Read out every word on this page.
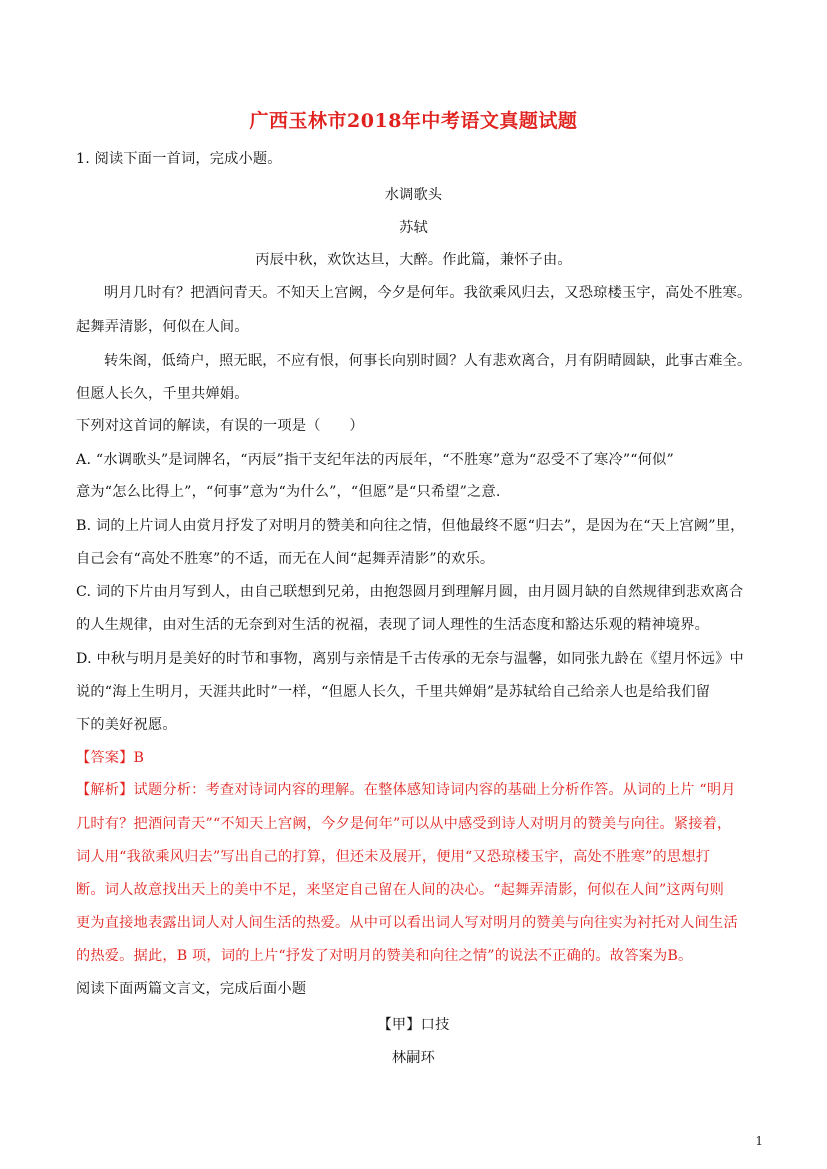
广西玉林市2018年中考语文真题试题
1. 阅读下面一首词，完成小题。
水调歌头
苏轼
丙辰中秋，欢饮达旦，大醉。作此篇，兼怀子由。
明月几时有？把酒问青天。不知天上宫阙，今夕是何年。我欲乘风归去，又恐琼楼玉宇，高处不胜寒。
起舞弄清影，何似在人间。
转朱阁，低绮户，照无眠，不应有恨，何事长向别时圆？人有悲欢离合，月有阴晴圆缺，此事古难全。
但愿人长久，千里共婵娟。
下列对这首词的解读，有误的一项是（　　）
A. “水调歌头”是词牌名，“丙辰”指干支纪年法的丙辰年，“不胜寒”意为“忍受不了寒冷”“何似”
意为“怎么比得上”，“何事”意为“为什么”，“但愿”是“只希望”之意.
B. 词的上片词人由赏月抒发了对明月的赞美和向往之情，但他最终不愿“归去”，是因为在“天上宫阙”里，
自己会有“高处不胜寒”的不适，而无在人间“起舞弄清影”的欢乐。
C. 词的下片由月写到人，由自己联想到兄弟，由抱怨圆月到理解月圆，由月圆月缺的自然规律到悲欢离合
的人生规律，由对生活的无奈到对生活的祝福，表现了词人理性的生活态度和豁达乐观的精神境界。
D. 中秋与明月是美好的时节和事物，离别与亲情是千古传承的无奈与温馨，如同张九龄在《望月怀远》中
说的“海上生明月，天涯共此时”一样，“但愿人长久，千里共婵娟”是苏轼给自己给亲人也是给我们留
下的美好祝愿。
【答案】B
【解析】试题分析：考查对诗词内容的理解。在整体感知诗词内容的基础上分析作答。从词的上片 “明月
几时有？把酒问青天”“不知天上宫阙，今夕是何年”可以从中感受到诗人对明月的赞美与向往。紧接着，
词人用“我欲乘风归去”写出自己的打算，但还未及展开，便用“又恐琼楼玉宇，高处不胜寒”的思想打
断。词人故意找出天上的美中不足，来坚定自己留在人间的决心。“起舞弄清影，何似在人间”这两句则
更为直接地表露出词人对人间生活的热爱。从中可以看出词人写对明月的赞美与向往实为衬托对人间生活
的热爱。据此，B 项，词的上片“抒发了对明月的赞美和向往之情”的说法不正确的。故答案为B。
阅读下面两篇文言文，完成后面小题
【甲】口技
林嗣环
1
